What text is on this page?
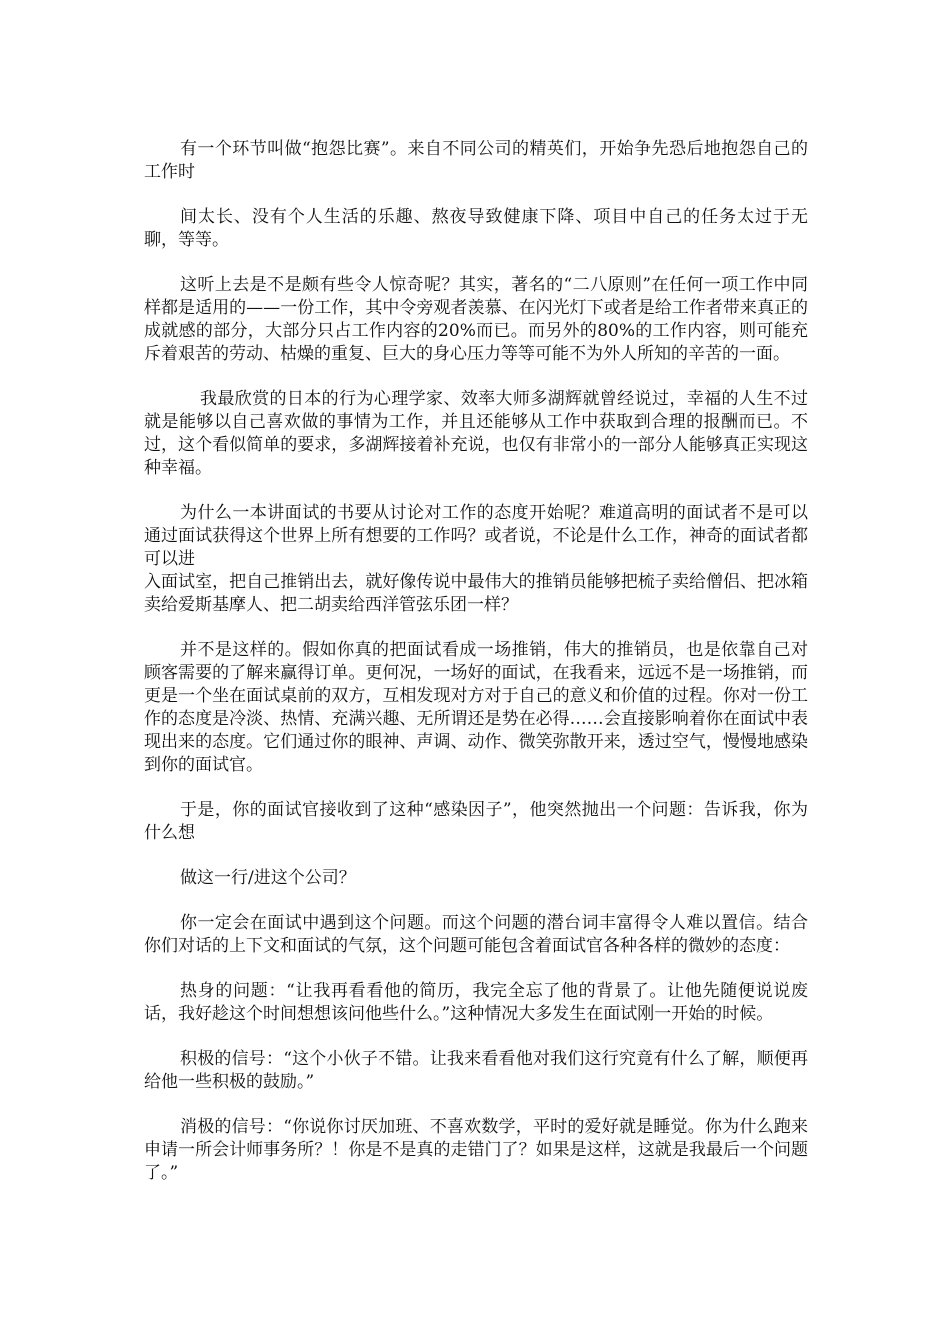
有一个环节叫做“抱怨比赛”。来自不同公司的精英们，开始争先恐后地抱怨自己的工作时

间太长、没有个人生活的乐趣、熬夜导致健康下降、项目中自己的任务太过于无聊，等等。

这听上去是不是颇有些令人惊奇呢？其实，著名的“二八原则”在任何一项工作中同样都是适用的——一份工作，其中令旁观者羡慕、在闪光灯下或者是给工作者带来真正的成就感的部分，大部分只占工作内容的20%而已。而另外的80%的工作内容，则可能充斥着艰苦的劳动、枯燥的重复、巨大的身心压力等等可能不为外人所知的辛苦的一面。

我最欣赏的日本的行为心理学家、效率大师多湖辉就曾经说过，幸福的人生不过就是能够以自己喜欢做的事情为工作，并且还能够从工作中获取到合理的报酬而已。不过，这个看似简单的要求，多湖辉接着补充说，也仅有非常小的一部分人能够真正实现这种幸福。

为什么一本讲面试的书要从讨论对工作的态度开始呢？难道高明的面试者不是可以通过面试获得这个世界上所有想要的工作吗？或者说，不论是什么工作，神奇的面试者都可以进

入面试室，把自己推销出去，就好像传说中最伟大的推销员能够把梳子卖给僧侣、把冰箱卖给爱斯基摩人、把二胡卖给西洋管弦乐团一样？

并不是这样的。假如你真的把面试看成一场推销，伟大的推销员，也是依靠自己对顾客需要的了解来赢得订单。更何况，一场好的面试，在我看来，远远不是一场推销，而更是一个坐在面试桌前的双方，互相发现对方对于自己的意义和价值的过程。你对一份工作的态度是冷淡、热情、充满兴趣、无所谓还是势在必得……会直接影响着你在面试中表现出来的态度。它们通过你的眼神、声调、动作、微笑弥散开来，透过空气，慢慢地感染到你的面试官。

于是，你的面试官接收到了这种“感染因子”，他突然抛出一个问题：告诉我，你为什么想

做这一行/进这个公司？

你一定会在面试中遇到这个问题。而这个问题的潜台词丰富得令人难以置信。结合你们对话的上下文和面试的气氛，这个问题可能包含着面试官各种各样的微妙的态度：

热身的问题：“让我再看看他的简历，我完全忘了他的背景了。让他先随便说说废话，我好趁这个时间想想该问他些什么。”这种情况大多发生在面试刚一开始的时候。

积极的信号：“这个小伙子不错。让我来看看他对我们这行究竟有什么了解，顺便再给他一些积极的鼓励。”

消极的信号：“你说你讨厌加班、不喜欢数学，平时的爱好就是睡觉。你为什么跑来申请一所会计师事务所？！你是不是真的走错门了？如果是这样，这就是我最后一个问题了。”
